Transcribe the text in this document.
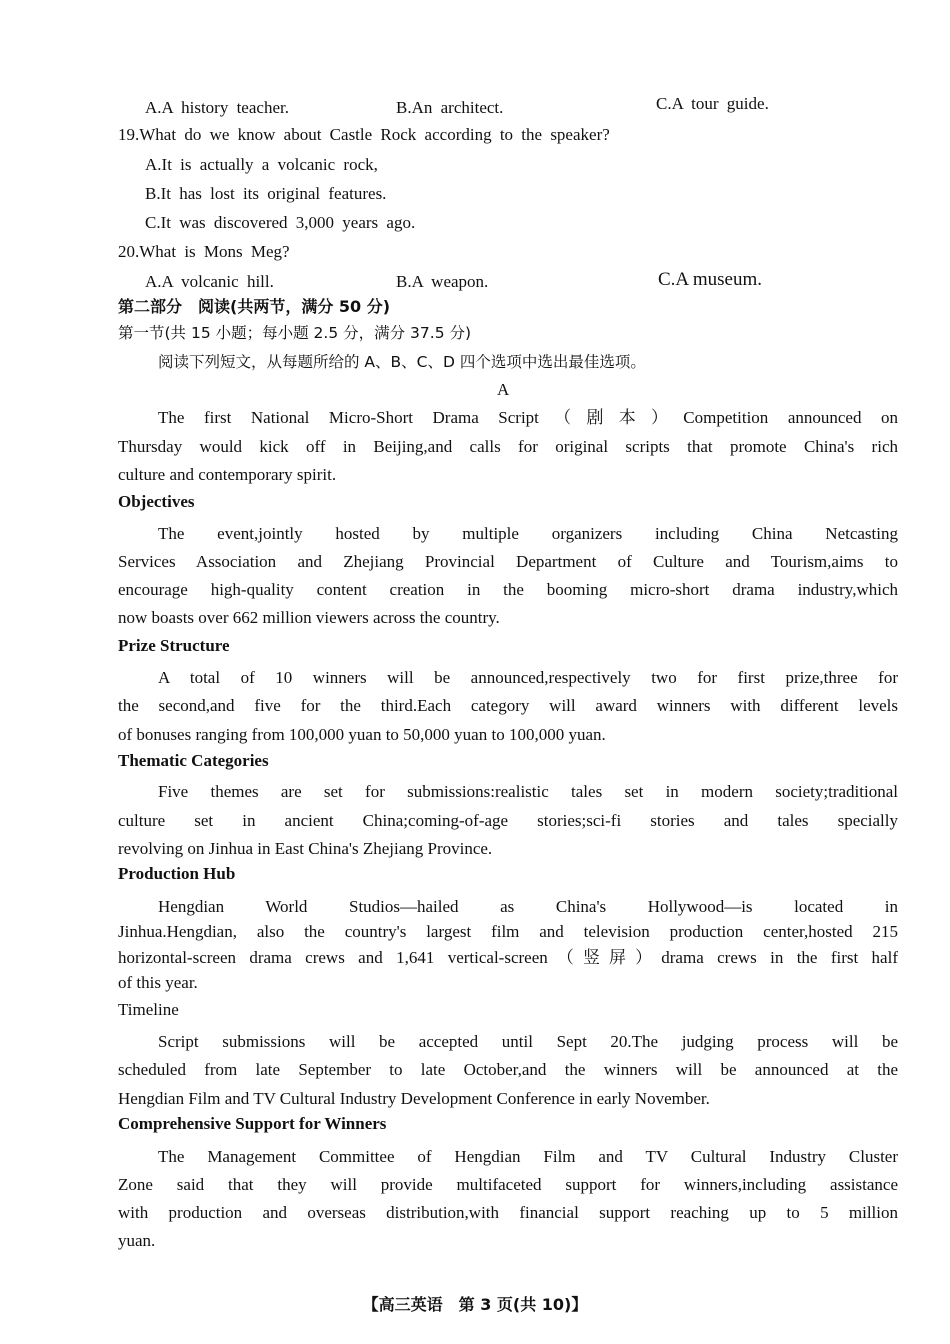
A.A history teacher.	B.An architect.	C.A tour guide.
19.What do we know about Castle Rock according to the speaker?
A.It is actually a volcanic rock,
B.It has lost its original features.
C.It was discovered 3,000 years ago.
20.What is Mons Meg?
A.A volcanic hill.	B.A weapon.	C.A museum.
第二部分　阅读(共两节，满分 50 分)
第一节(共 15 小题；每小题 2.5 分，满分 37.5 分)
阅读下列短文，从每题所给的 A、B、C、D 四个选项中选出最佳选项。
A
The first National Micro-Short Drama Script（剧本）Competition announced on
Thursday would kick off in Beijing,and calls for original scripts that promote China's rich
culture and contemporary spirit.
Objectives
The event,jointly hosted by multiple organizers including China Netcasting
Services Association and Zhejiang Provincial Department of Culture and Tourism,aims to
encourage high-quality content creation in the booming micro-short drama industry,which
now boasts over 662 million viewers across the country.
Prize Structure
A total of 10 winners will be announced,respectively two for first prize,three for
the second,and five for the third.Each category will award winners with different levels
of bonuses ranging from 100,000 yuan to 50,000 yuan to 100,000 yuan.
Thematic Categories
Five themes are set for submissions:realistic tales set in modern society;traditional
culture set in ancient China;coming-of-age stories;sci-fi stories and tales specially
revolving on Jinhua in East China's Zhejiang Province.
Production Hub
Hengdian World Studios—hailed as China's Hollywood—is located in
Jinhua.Hengdian, also the country's largest film and television production center,hosted 215
horizontal-screen drama crews and 1,641 vertical-screen（竖屏）drama crews in the first half
of this year.
Timeline
Script submissions will be accepted until Sept 20.The judging process will be
scheduled from late September to late October,and the winners will be announced at the
Hengdian Film and TV Cultural Industry Development Conference in early November.
Comprehensive Support for Winners
The Management Committee of Hengdian Film and TV Cultural Industry Cluster
Zone said that they will provide multifaceted support for winners,including assistance
with production and overseas distribution,with financial support reaching up to 5 million
yuan.
【高三英语　第 3 页(共 10)】
